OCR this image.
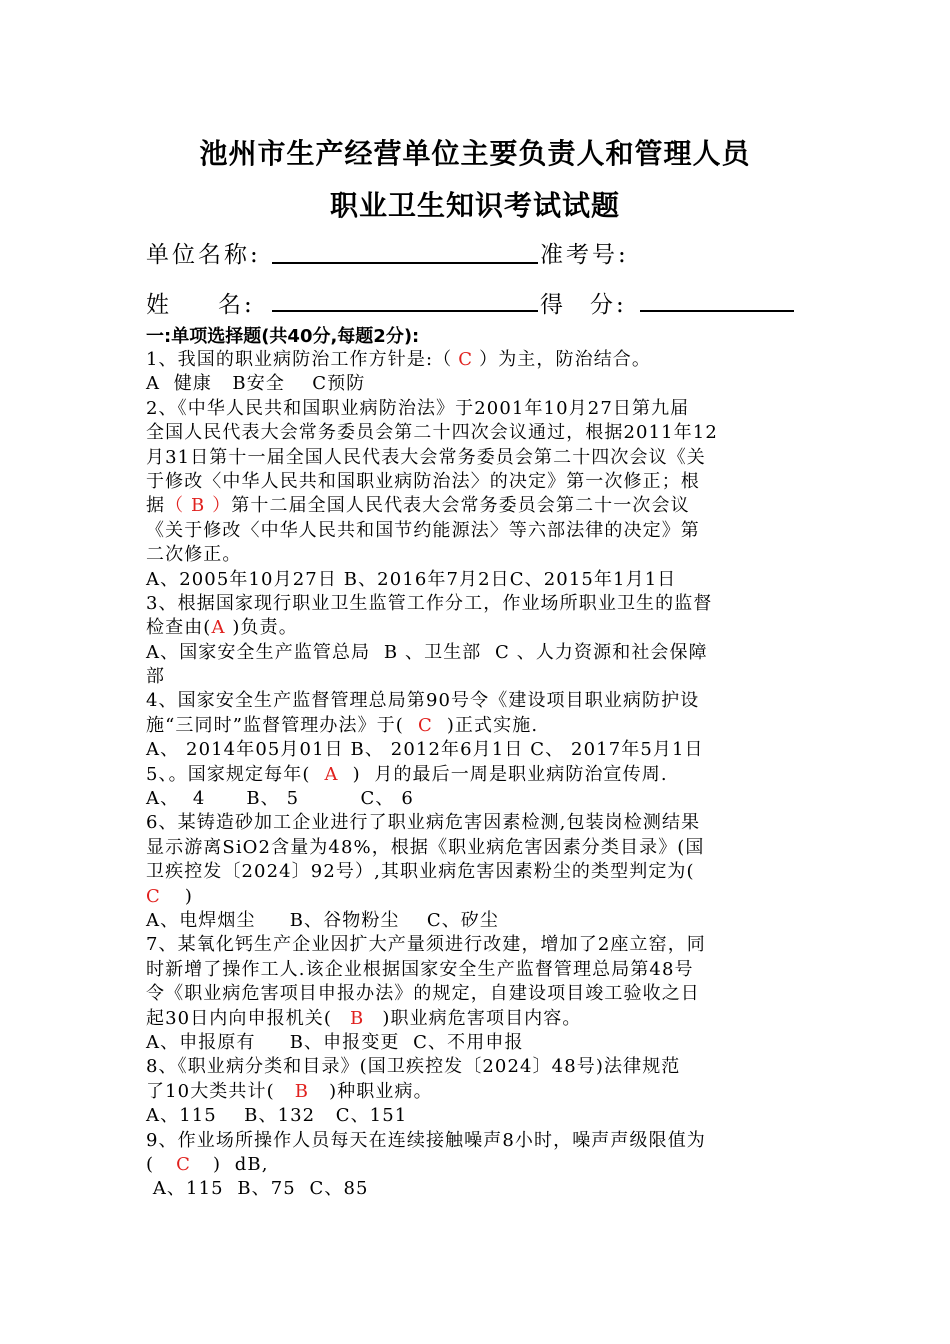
池州市生产经营单位主要负责人和管理人员
职业卫生知识考试试题
单位名称:	准考号:
姓 名:	得 分:
一:单项选择题(共40分,每题2分):
1、我国的职业病防治工作方针是:（ C ）为主，防治结合。
A  健康   B安全    C预防
2、《中华人民共和国职业病防治法》于2001年10月27日第九届
全国人民代表大会常务委员会第二十四次会议通过，根据2011年12
月31日第十一届全国人民代表大会常务委员会第二十四次会议《关
于修改〈中华人民共和国职业病防治法〉的决定》第一次修正；根
据（ B ）第十二届全国人民代表大会常务委员会第二十一次会议
《关于修改〈中华人民共和国节约能源法〉等六部法律的决定》第
二次修正。
A、2005年10月27日 B、2016年7月2日C、2015年1月1日
3、根据国家现行职业卫生监管工作分工，作业场所职业卫生的监督
检查由(A )负责。
A、国家安全生产监管总局  B 、卫生部  C 、人力资源和社会保障
部
4、国家安全生产监督管理总局第90号令《建设项目职业病防护设
施“三同时”监督管理办法》于( C )正式实施.
A、 2014年05月01日 B、 2012年6月1日 C、 2017年5月1日
5、。国家规定每年( A )  月的最后一周是职业病防治宣传周.
A、  4      B、 5         C、 6
6、某铸造砂加工企业进行了职业病危害因素检测,包装岗检测结果
显示游离SiO2含量为48%，根据《职业病危害因素分类目录》(国
卫疾控发〔2024〕92号）,其职业病危害因素粉尘的类型判定为(
C )
A、电焊烟尘     B、谷物粉尘    C、矽尘
7、某氧化钙生产企业因扩大产量须进行改建，增加了2座立窑，同
时新增了操作工人.该企业根据国家安全生产监督管理总局第48号
令《职业病危害项目申报办法》的规定，自建设项目竣工验收之日
起30日内向申报机关( B )职业病危害项目内容。
A、申报原有     B、申报变更  C、不用申报
8、《职业病分类和目录》(国卫疾控发〔2024〕48号)法律规范
了10大类共计( B )种职业病。
A、115    B、132   C、151
9、作业场所操作人员每天在连续接触噪声8小时，噪声声级限值为
( C )  dB,
A、115  B、75  C、85
